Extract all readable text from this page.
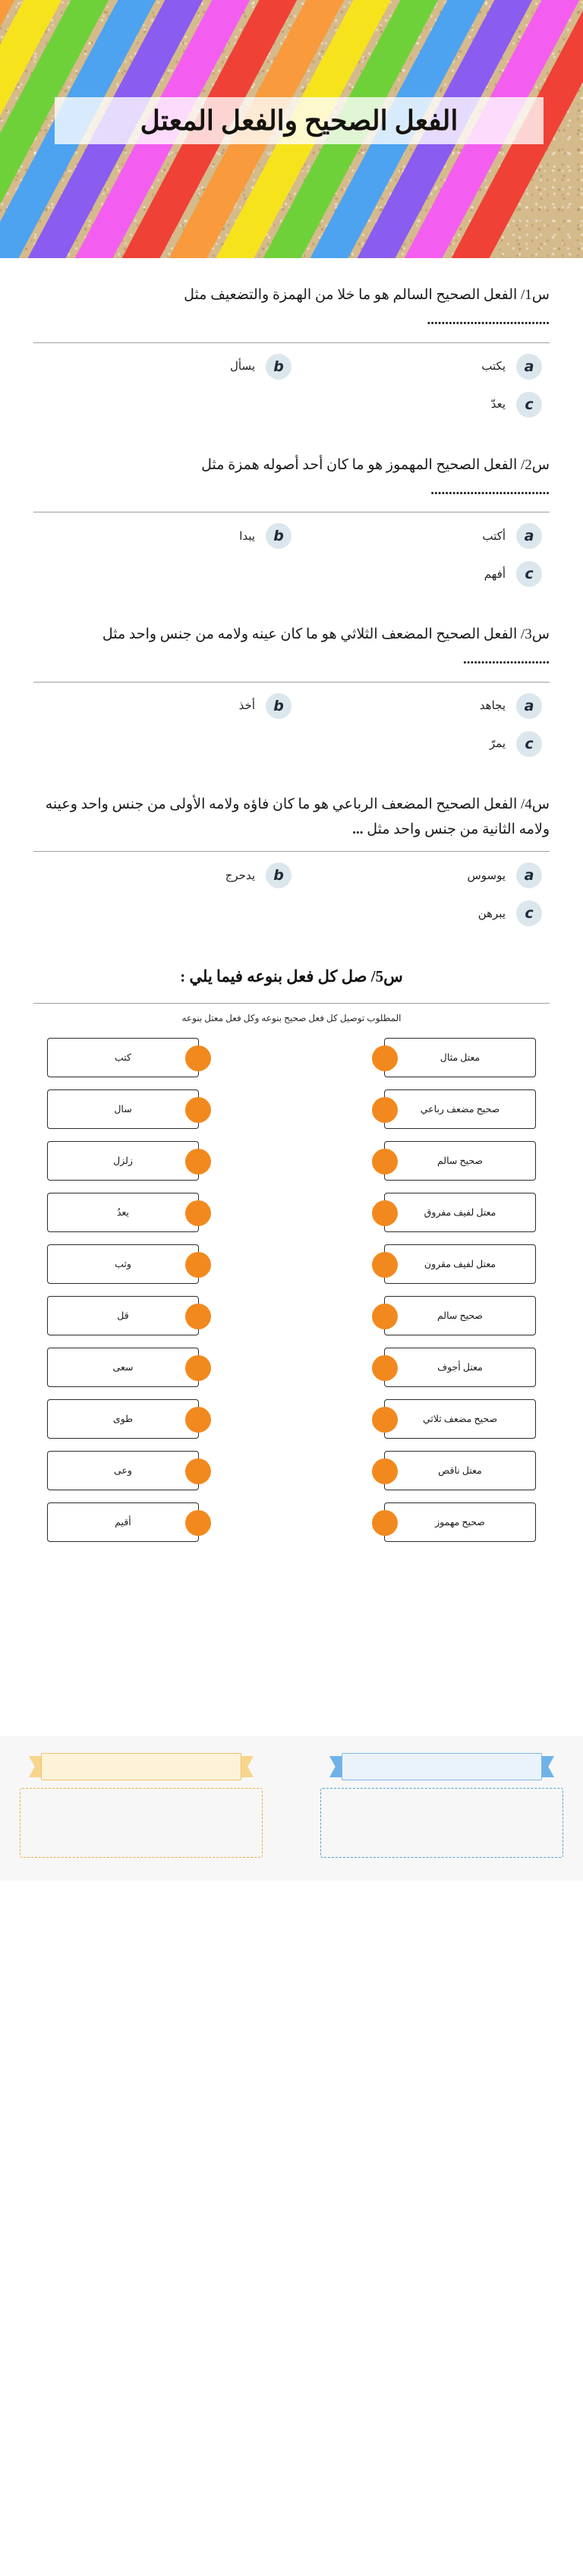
الفعل الصحيح والفعل المعتل
س1/ الفعل الصحيح السالم هو ما خلا من الهمزة والتضعيف مثل
..................................
a
يكتب
b
يسأل
c
يعدّ
س2/ الفعل الصحيح المهموز هو ما كان أحد أصوله همزة مثل
.................................
a
أكتب
b
يبدا
c
أفهم
س3/ الفعل الصحيح المضعف الثلاثي هو ما كان عينه ولامه من جنس واحد مثل ........................
a
يجاهد
b
أخذ
c
يمرّ
س4/ الفعل الصحيح المضعف الرباعي هو ما كان فاؤه ولامه الأولى من جنس واحد وعينه ولامه الثانية من جنس واحد مثل ...
a
يوسوس
b
يدحرج
c
يبرهن
س5/ صل كل فعل بنوعه فيما يلي :
المطلوب توصيل كل فعل صحيح بنوعه وكل فعل معتل بنوعه
معتل مثال
كتب
صحيح مضعف رباعي
سال
صحيح سالم
زلزل
معتل لفيف مفروق
يعدُ
معتل لفيف مقرون
وثب
صحيح سالم
قل
معتل أجوف
سعى
صحيح مضعف ثلاثي
طوى
معتل ناقص
وعى
صحيح مهموز
أقيم
